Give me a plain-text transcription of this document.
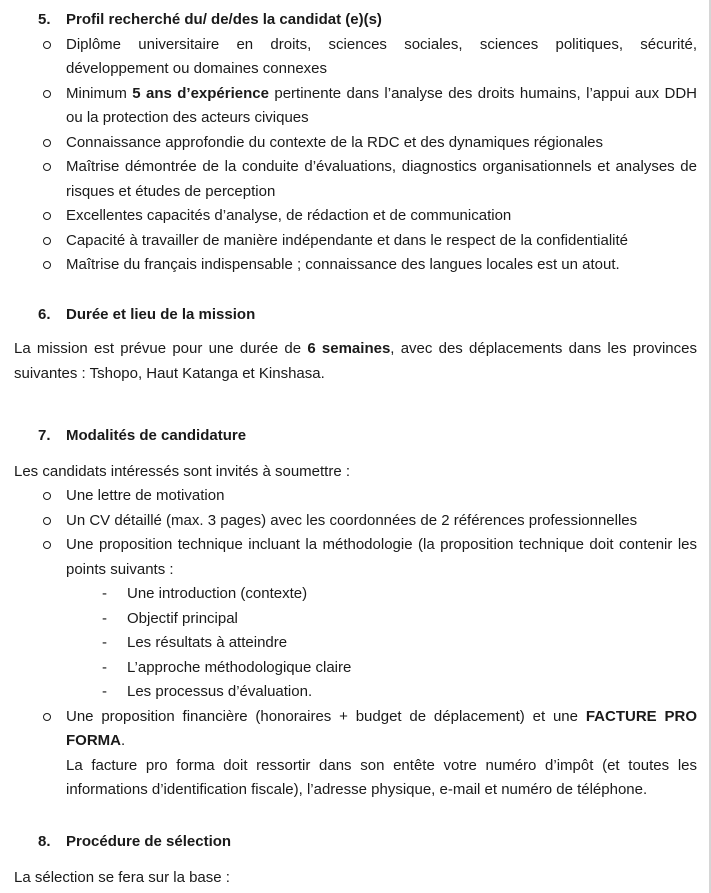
5. Profil recherché du/ de/des la candidat (e)(s)
Diplôme universitaire en droits, sciences sociales, sciences politiques, sécurité, développement ou domaines connexes
Minimum 5 ans d’expérience pertinente dans l’analyse des droits humains, l’appui aux DDH ou la protection des acteurs civiques
Connaissance approfondie du contexte de la RDC et des dynamiques régionales
Maîtrise démontrée de la conduite d’évaluations, diagnostics organisationnels et analyses de risques et études de perception
Excellentes capacités d’analyse, de rédaction et de communication
Capacité à travailler de manière indépendante et dans le respect de la confidentialité
Maîtrise du français indispensable ; connaissance des langues locales est un atout.
6. Durée et lieu de la mission

La mission est prévue pour une durée de 6 semaines, avec des déplacements dans les provinces suivantes : Tshopo, Haut Katanga et Kinshasa.

7. Modalités de candidature

Les candidats intéressés sont invités à soumettre :

Une lettre de motivation
Un CV détaillé (max. 3 pages) avec les coordonnées de 2 références professionnelles
Une proposition technique incluant la méthodologie (la proposition technique doit contenir les points suivants :
- Une introduction (contexte)
- Objectif principal
- Les résultats à atteindre
- L’approche méthodologique claire
- Les processus d’évaluation.
Une proposition financière (honoraires + budget de déplacement) et une FACTURE PRO FORMA.

La facture pro forma doit ressortir dans son entête votre numéro d’impôt (et toutes les informations d’identification fiscale), l’adresse physique, e-mail et numéro de téléphone.

8. Procédure de sélection

La sélection se fera sur la base :
